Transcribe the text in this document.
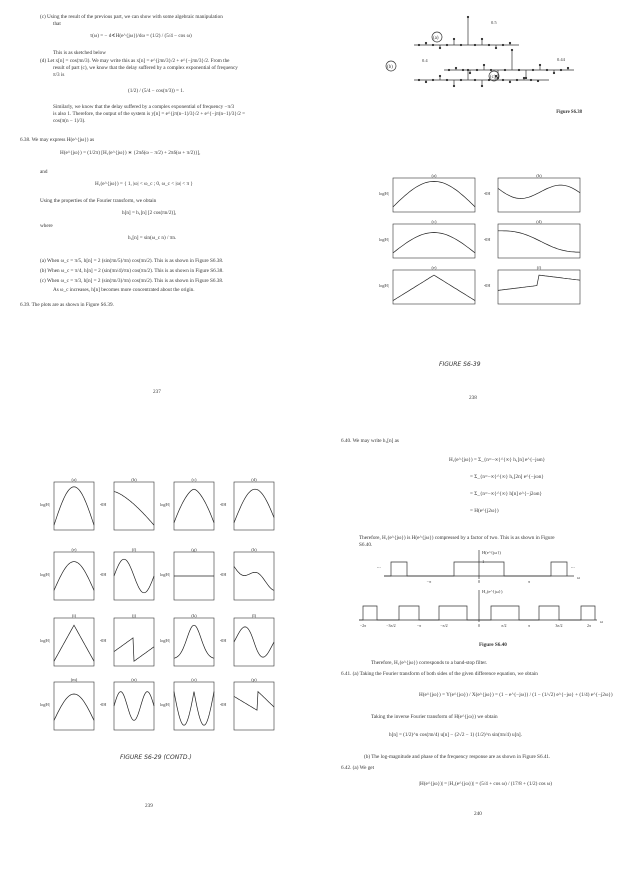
(c) Using the result of the previous part, we can show with some algebraic manipulation
that
τ(ω) = − d∢H(e^{jω})/dω = (1/2) / (5/4 − cos ω)
This is as sketched below
(d) Let x[n] = cos(πn/3). We may write this as x[n] = e^{jπn/3}/2 + e^{−jπn/3}/2. From the
result of part (c), we know that the delay suffered by a complex exponential of frequency
π/3 is
(1/2) / (5/4 − cos(π/3)) = 1.
Similarly, we know that the delay suffered by a complex exponential of frequency −π/3
is also 1. Therefore, the output of the system is y[n] = e^{jπ(n−1)/3}/2 + e^{−jπ(n−1)/3}/2 =
cos(π(n − 1)/3).
6.38. We may express H(e^{jω}) as
H(e^{jω}) = (1/2π) [H₁(e^{jω}) ∗ {2πδ(ω − π/2) + 2πδ(ω + π/2)}],
and
H₁(e^{jω}) = { 1, |ω| < ω_c ; 0, ω_c < |ω| < π }
Using the properties of the Fourier transform, we obtain
h[n] = h₁[n] [2 cos(πn/2)],
where
h₁[n] = sin(ω_c n) / πn.
(a) When ω_c = π/5, h[n] = 2 (sin(πn/5)/πn) cos(πn/2). This is as shown in Figure S6.38.
(b) When ω_c = π/4, h[n] = 2 (sin(πn/4)/πn) cos(πn/2). This is as shown in Figure S6.38.
(c) When ω_c = π/3, h[n] = 2 (sin(πn/3)/πn) cos(πn/2). This is as shown in Figure S6.38.
As ω_c increases, h[n] becomes more concentrated about the origin.
6.39. The plots are as shown in Figure S6.39.
237
(a)
(b)
(c)
0.5
0.44
0.4
Figure S6.38
(a)
log|H|
(b)
∢H
(c)
log|H|
(d)
∢H
(e)
log|H|
(f)
∢H
FIGURE S6-39
238
(a)
log|H|
(b)
∢H
(c)
log|H|
(d)
∢H
(e)
log|H|
(f)
∢H
(g)
log|H|
(h)
∢H
(i)
log|H|
(j)
∢H
(k)
log|H|
(l)
∢H
(m)
log|H|
(n)
∢H
(o)
log|H|
(p)
∢H
FIGURE S6-29 (CONTD.)
239
6.40. We may write h₁[n] as
H₁(e^{jω}) = Σ_{n=−∞}^{∞} h₁[n] e^{−jωn}
= Σ_{n=−∞}^{∞} h₁[2n] e^{−jωn}
= Σ_{n=−∞}^{∞} h[n] e^{−j2ωn}
= H(e^{j2ω})
Therefore, H₁(e^{jω}) is H(e^{jω}) compressed by a factor of two. This is as shown in Figure
S6.40.
H(e^{jω})
H₁(e^{jω})
1
...	...
−π	0	π
ω
−2π	−3π/2	−π	−π/2	0	π/2	π	3π/2	2π
ω
Figure S6.40
Therefore, H₁(e^{jω}) corresponds to a band-stop filter.
6.41. (a) Taking the Fourier transform of both sides of the given difference equation, we obtain
H(e^{jω}) = Y(e^{jω}) / X(e^{jω}) = (1 − e^{−jω}) / (1 − (1/√2) e^{−jω} + (1/4) e^{−j2ω})
Taking the inverse Fourier transform of H(e^{jω}) we obtain
h[n] = (1/2)^n cos(πn/4) u[n] − (2√2 − 1) (1/2)^n sin(πn/4) u[n].
(b) The log-magnitude and phase of the frequency response are as shown in Figure S6.41.
6.42. (a) We get
|H(e^{jω})| = |H₁(e^{jω})| = (5/4 + cos ω) / (17/8 + (1/2) cos ω)
240
